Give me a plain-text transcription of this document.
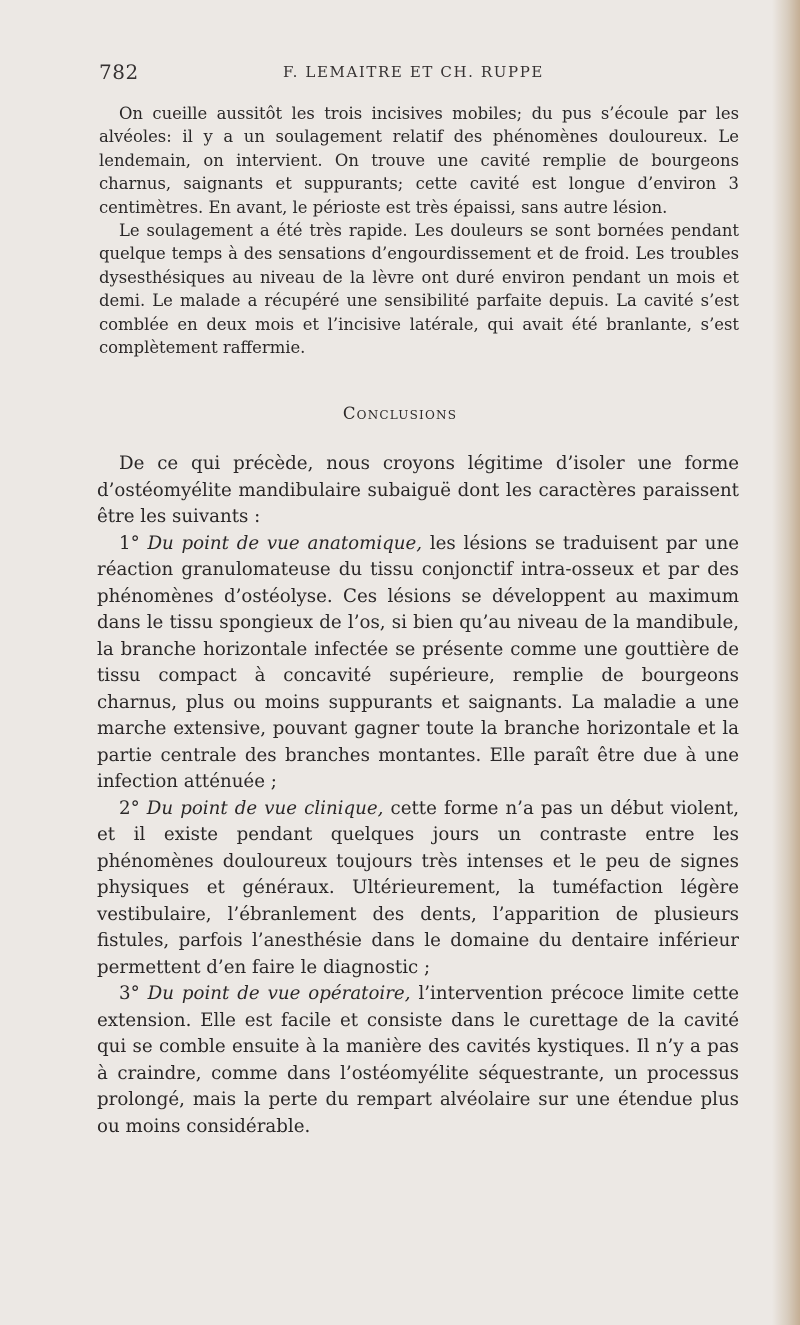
782	F. LEMAITRE ET CH. RUPPE

On cueille aussitôt les trois incisives mobiles; du pus s’écoule par les alvéoles: il y a un soulagement relatif des phénomènes douloureux. Le lendemain, on intervient. On trouve une cavité remplie de bourgeons charnus, saignants et suppurants; cette cavité est longue d’environ 3 centimètres. En avant, le périoste est très épaissi, sans autre lésion.

Le soulagement a été très rapide. Les douleurs se sont bornées pendant quelque temps à des sensations d’engourdissement et de froid. Les troubles dysesthésiques au niveau de la lèvre ont duré environ pendant un mois et demi. Le malade a récupéré une sensibilité parfaite depuis. La cavité s’est comblée en deux mois et l’incisive latérale, qui avait été branlante, s’est complètement raffermie.

Conclusions

De ce qui précède, nous croyons légitime d’isoler une forme d’ostéomyélite mandibulaire subaiguë dont les caractères paraissent être les suivants :

1° Du point de vue anatomique, les lésions se traduisent par une réaction granulomateuse du tissu conjonctif intra-osseux et par des phénomènes d’ostéolyse. Ces lésions se développent au maximum dans le tissu spongieux de l’os, si bien qu’au niveau de la mandibule, la branche horizontale infectée se présente comme une gouttière de tissu compact à concavité supérieure, remplie de bourgeons charnus, plus ou moins suppurants et saignants. La maladie a une marche extensive, pouvant gagner toute la branche horizontale et la partie centrale des branches montantes. Elle paraît être due à une infection atténuée ;

2° Du point de vue clinique, cette forme n’a pas un début violent, et il existe pendant quelques jours un contraste entre les phénomènes douloureux toujours très intenses et le peu de signes physiques et généraux. Ultérieurement, la tuméfaction légère vestibulaire, l’ébranlement des dents, l’apparition de plusieurs fistules, parfois l’anesthésie dans le domaine du dentaire inférieur permettent d’en faire le diagnostic ;

3° Du point de vue opératoire, l’intervention précoce limite cette extension. Elle est facile et consiste dans le curettage de la cavité qui se comble ensuite à la manière des cavités kystiques. Il n’y a pas à craindre, comme dans l’ostéomyélite séquestrante, un processus prolongé, mais la perte du rempart alvéolaire sur une étendue plus ou moins considérable.
